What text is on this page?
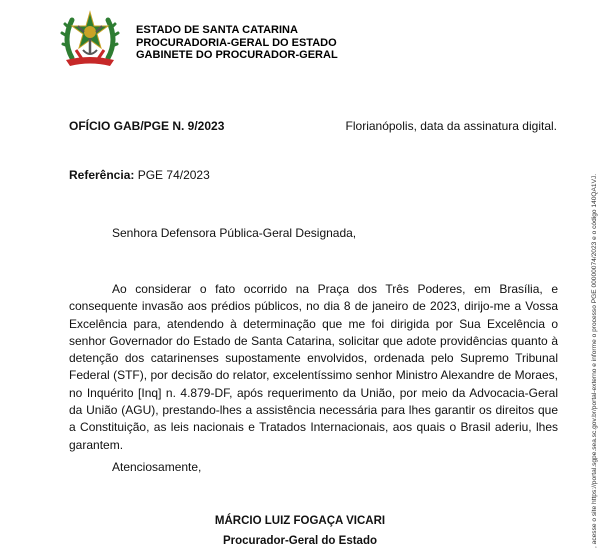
ESTADO DE SANTA CATARINA
PROCURADORIA-GERAL DO ESTADO
GABINETE DO PROCURADOR-GERAL
OFÍCIO GAB/PGE N. 9/2023	Florianópolis, data da assinatura digital.
Referência: PGE 74/2023
Senhora Defensora Pública-Geral Designada,

Ao considerar o fato ocorrido na Praça dos Três Poderes, em Brasília, e consequente invasão aos prédios públicos, no dia 8 de janeiro de 2023, dirijo-me a Vossa Excelência para, atendendo à determinação que me foi dirigida por Sua Excelência o senhor Governador do Estado de Santa Catarina, solicitar que adote providências quanto à detenção dos catarinenses supostamente envolvidos, ordenada pelo Supremo Tribunal Federal (STF), por decisão do relator, excelentíssimo senhor Ministro Alexandre de Moraes, no Inquérito [Inq] n. 4.879-DF, após requerimento da União, por meio da Advocacia-Geral da União (AGU), prestando-lhes a assistência necessária para lhes garantir os direitos que a Constituição, as leis nacionais e Tratados Internacionais, aos quais o Brasil aderiu, lhes garantem.

Atenciosamente,
MÁRCIO LUIZ FOGAÇA VICARI
Procurador-Geral do Estado	, acesse o site https://portal.sgpe.sea.sc.gov.br/portal-externo e informe o processo PGE 00000074/2023 e o código 140QA1VJ.
